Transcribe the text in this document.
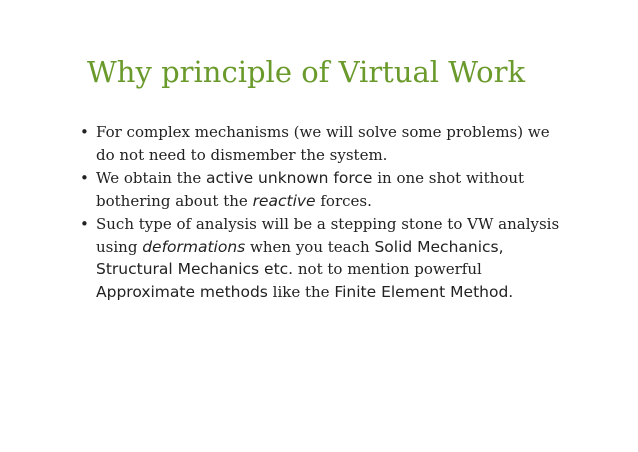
Why principle of Virtual Work
• For complex mechanisms (we will solve some problems) we do not need to dismember the system.
• We obtain the active unknown force in one shot without bothering about the reactive forces.
• Such type of analysis will be a stepping stone to VW analysis using deformations when you teach Solid Mechanics, Structural Mechanics etc. not to mention powerful Approximate methods like the Finite Element Method.
